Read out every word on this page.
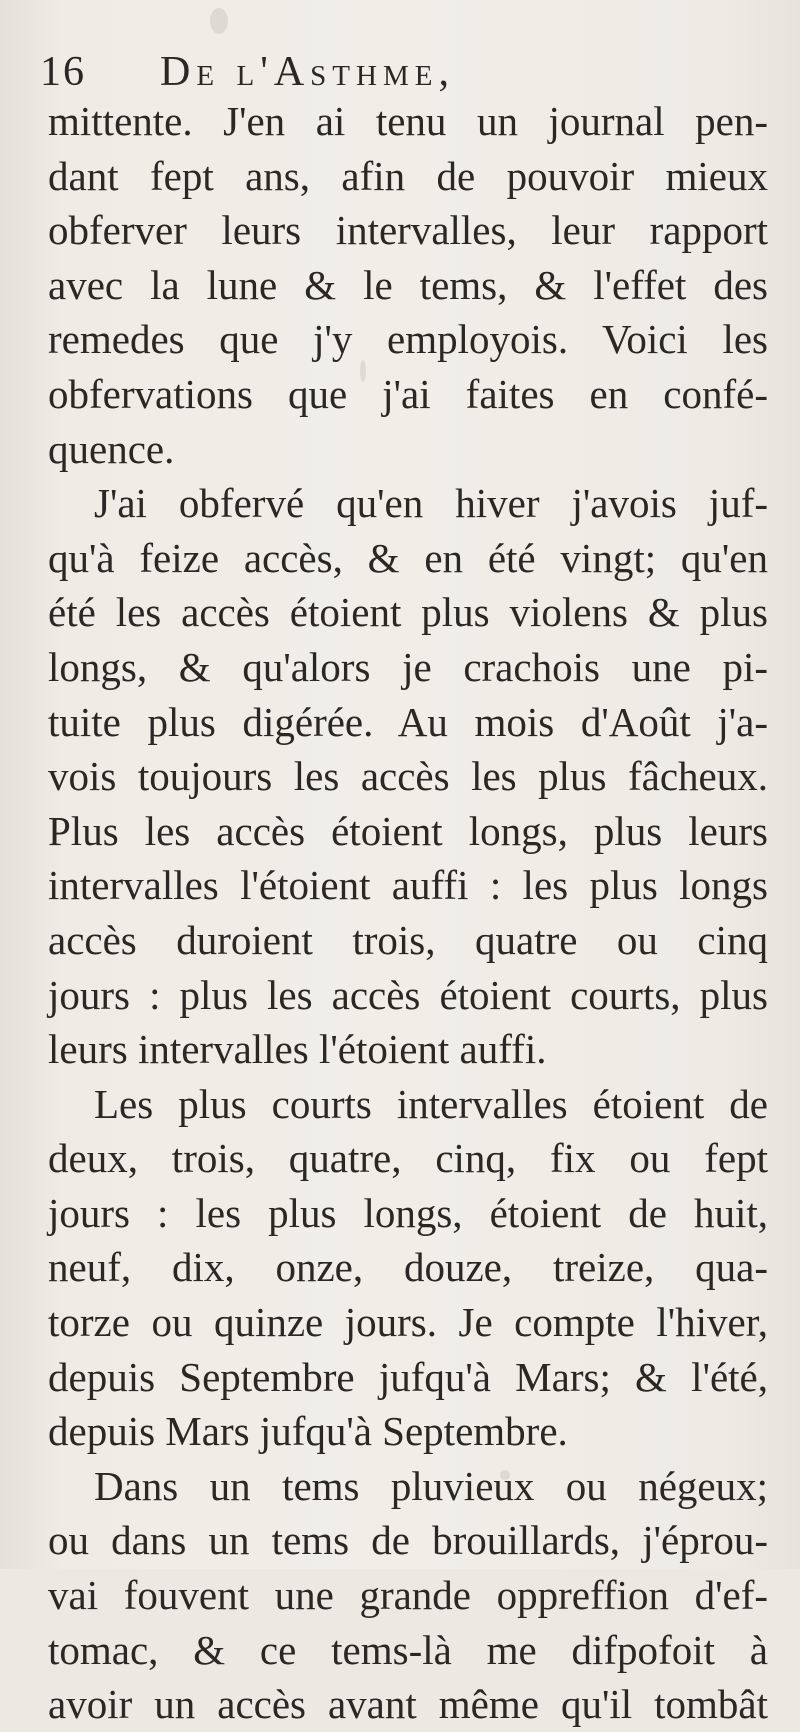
16	De l'Asthme,
mittente. J'en ai tenu un journal pen-
dant fept ans, afin de pouvoir mieux
obferver leurs intervalles, leur rapport
avec la lune & le tems, & l'effet des
remedes que j'y employois. Voici les
obfervations que j'ai faites en confé-
quence.
J'ai obfervé qu'en hiver j'avois juf-
qu'à feize accès, & en été vingt; qu'en
été les accès étoient plus violens & plus
longs, & qu'alors je crachois une pi-
tuite plus digérée. Au mois d'Août j'a-
vois toujours les accès les plus fâcheux.
Plus les accès étoient longs, plus leurs
intervalles l'étoient auffi : les plus longs
accès duroient trois, quatre ou cinq
jours : plus les accès étoient courts, plus
leurs intervalles l'étoient auffi.
Les plus courts intervalles étoient de
deux, trois, quatre, cinq, fix ou fept
jours : les plus longs, étoient de huit,
neuf, dix, onze, douze, treize, qua-
torze ou quinze jours. Je compte l'hiver,
depuis Septembre jufqu'à Mars; & l'été,
depuis Mars jufqu'à Septembre.
Dans un tems pluvieux ou négeux;
ou dans un tems de brouillards, j'éprou-
vai fouvent une grande oppreffion d'ef-
tomac, & ce tems-là me difpofoit à
avoir un accès avant même qu'il tombât
